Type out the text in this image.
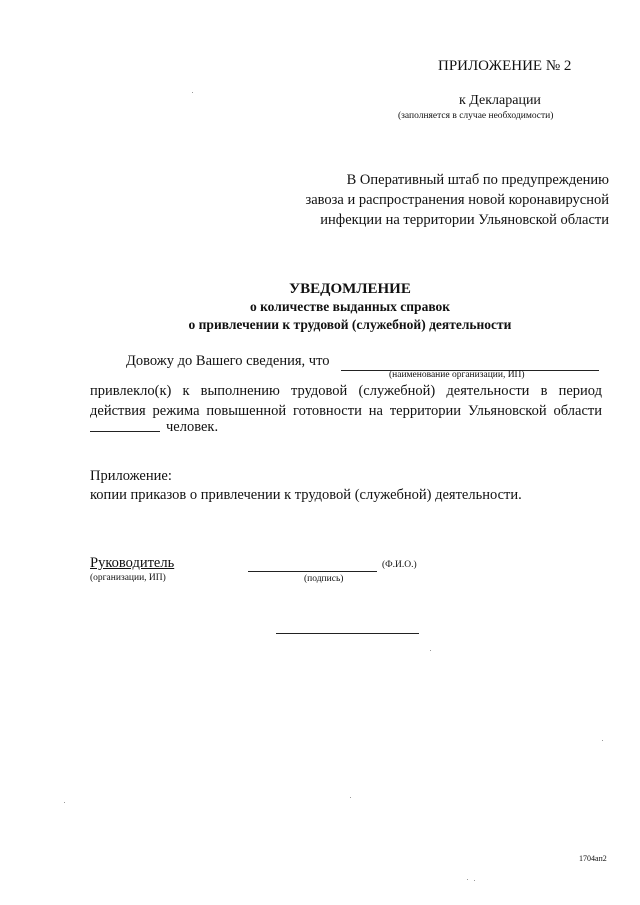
ПРИЛОЖЕНИЕ № 2
к Декларации
(заполняется в случае необходимости)
В Оперативный штаб по предупреждению
завоза и распространения новой коронавирусной
инфекции на территории Ульяновской области
УВЕДОМЛЕНИЕ
о количестве выданных справок
о привлечении к трудовой (служебной) деятельности
Довожу до Вашего сведения, что
(наименование организации, ИП)
привлекло(к) к выполнению трудовой (служебной) деятельности в период
действия режима повышенной готовности на территории Ульяновской области
человек.
Приложение:
копии приказов о привлечении к трудовой (служебной) деятельности.
Руководитель
(организации, ИП)
(Ф.И.О.)
(подпись)
1704ап2
